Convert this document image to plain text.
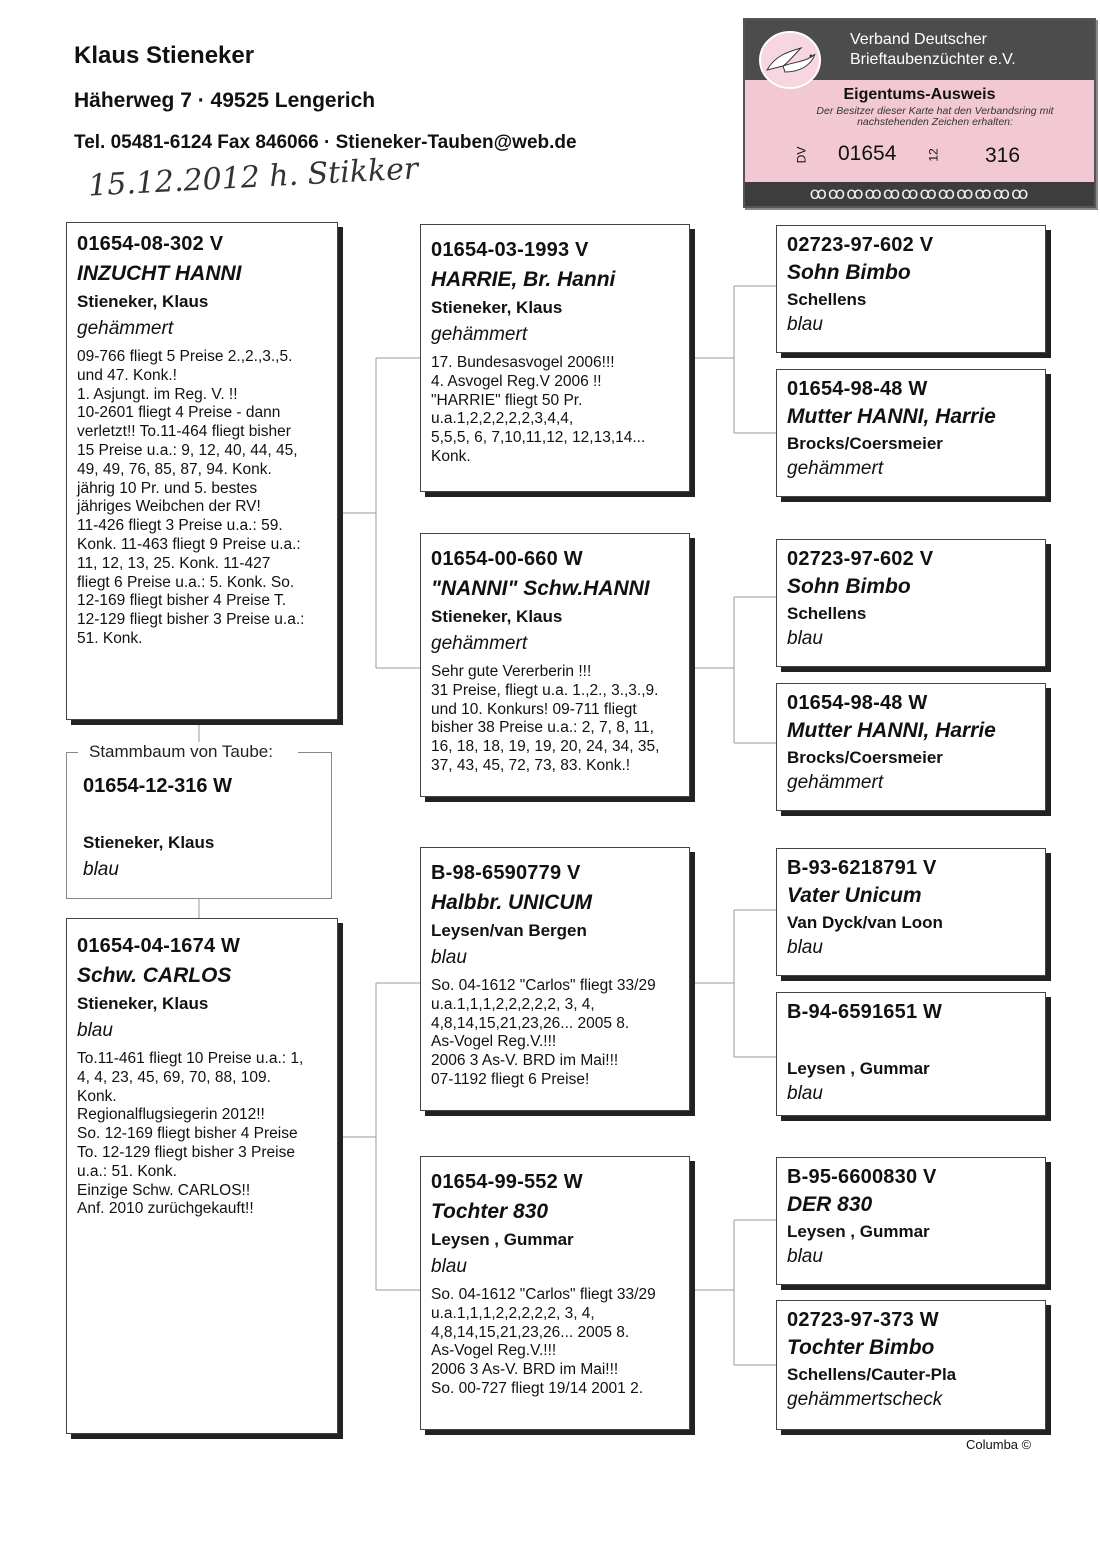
Klaus Stieneker
Häherweg 7 · 49525 Lengerich
Tel. 05481-6124 Fax 846066 · Stieneker-Tauben@web.de
15.12.2012 h. Stikker
Verband Deutscher
Brieftaubenzüchter e.V.
Eigentums-Ausweis
Der Besitzer dieser Karte hat den Verbandsring mit nachstehenden Zeichen erhalten:
DV 01654	12 316
ꝏꝏꝏꝏꝏꝏꝏꝏꝏꝏꝏꝏ
01654-08-302 V
INZUCHT HANNI
Stieneker, Klaus
gehämmert
09-766 fliegt 5 Preise 2.,2.,3.,5.
und 47. Konk.!
1. Asjungt. im Reg. V. !!
10-2601 fliegt 4 Preise - dann
verletzt!! To.11-464 fliegt bisher
15 Preise u.a.: 9, 12, 40, 44, 45,
49, 49, 76, 85, 87, 94. Konk.
jährig 10 Pr. und 5. bestes
jähriges Weibchen der RV!
11-426 fliegt 3 Preise u.a.: 59.
Konk. 11-463 fliegt 9 Preise u.a.:
11, 12, 13, 25. Konk. 11-427
fliegt 6 Preise u.a.: 5. Konk. So.
12-169 fliegt bisher 4 Preise T.
12-129 fliegt bisher 3 Preise u.a.:
51. Konk.
Stammbaum von Taube:
01654-12-316 W
Stieneker, Klaus
blau
01654-04-1674 W
Schw. CARLOS
Stieneker, Klaus
blau
To.11-461 fliegt 10 Preise u.a.: 1,
4, 4, 23, 45, 69, 70, 88, 109.
Konk.
Regionalflugsiegerin 2012!!
So. 12-169 fliegt bisher 4 Preise
To. 12-129 fliegt bisher 3 Preise
u.a.: 51. Konk.
Einzige Schw. CARLOS!!
Anf. 2010 zurüchgekauft!!
01654-03-1993 V
HARRIE, Br. Hanni
Stieneker, Klaus
gehämmert
17. Bundesasvogel 2006!!!
4. Asvogel Reg.V 2006 !!
"HARRIE" fliegt 50 Pr.
u.a.1,2,2,2,2,2,3,4,4,
5,5,5, 6, 7,10,11,12, 12,13,14...
Konk.
01654-00-660 W
"NANNI" Schw.HANNI
Stieneker, Klaus
gehämmert
Sehr gute Vererberin !!!
31 Preise, fliegt u.a. 1.,2., 3.,3.,9.
und 10. Konkurs! 09-711 fliegt
bisher 38 Preise u.a.: 2, 7, 8, 11,
16, 18, 18, 19, 19, 20, 24, 34, 35,
37, 43, 45, 72, 73, 83. Konk.!
B-98-6590779 V
Halbbr. UNICUM
Leysen/van Bergen
blau
So. 04-1612 "Carlos" fliegt 33/29
u.a.1,1,1,2,2,2,2,2, 3, 4,
4,8,14,15,21,23,26... 2005 8.
As-Vogel Reg.V.!!!
2006 3 As-V. BRD im Mai!!!
07-1192 fliegt 6 Preise!
01654-99-552 W
Tochter 830
Leysen , Gummar
blau
So. 04-1612 "Carlos" fliegt 33/29
u.a.1,1,1,2,2,2,2,2, 3, 4,
4,8,14,15,21,23,26... 2005 8.
As-Vogel Reg.V.!!!
2006 3 As-V. BRD im Mai!!!
So. 00-727 fliegt 19/14 2001 2.
02723-97-602 V
Sohn Bimbo
Schellens
blau
01654-98-48 W
Mutter HANNI, Harrie
Brocks/Coersmeier
gehämmert
02723-97-602 V
Sohn Bimbo
Schellens
blau
01654-98-48 W
Mutter HANNI, Harrie
Brocks/Coersmeier
gehämmert
B-93-6218791 V
Vater Unicum
Van Dyck/van Loon
blau
B-94-6591651 W
Leysen , Gummar
blau
B-95-6600830 V
DER 830
Leysen , Gummar
blau
02723-97-373 W
Tochter Bimbo
Schellens/Cauter-Pla
gehämmertscheck
Columba ©
